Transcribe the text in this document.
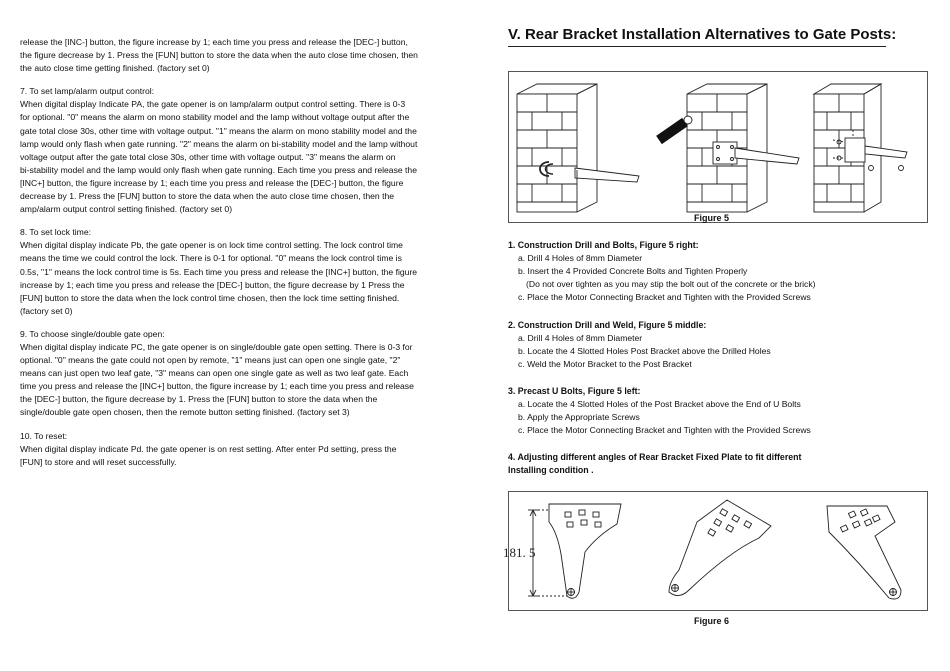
release the [INC-] button, the figure increase by 1; each time you press and release the [DEC-] button,
the figure decrease by 1. Press the [FUN] button to store the data when the auto close time chosen, then
the auto close time getting finished. (factory set 0)

7. To set lamp/alarm output control:
When digital display Indicate PA, the gate opener is on lamp/alarm output control setting. There is 0-3
for optional. "0" means the alarm on mono stability model and the lamp without voltage output after the
gate total close 30s, other time with voltage output. "1" means the alarm on mono stability model and the
lamp would only flash when gate running. "2" means the alarm on bi-stability model and the lamp without
voltage output after the gate total close 30s, other time with voltage output. "3" means the alarm on
bi-stability model and the lamp would only flash when gate running. Each time you press and release the
[INC+] button, the figure increase by 1; each time you press and release the [DEC-] button, the figure
decrease by 1. Press the [FUN] button to store the data when the auto close time chosen, then the
amp/alarm output control setting finished. (factory set 0)

8. To set lock time:
When digital display indicate Pb, the gate opener is on lock time control setting. The lock control time
means the time we could control the lock. There is 0-1 for optional. "0" means the lock control time is
0.5s, "1" means the lock control time is 5s. Each time you press and release the [INC+] button, the figure
increase by 1; each time you press and release the [DEC-] button, the figure decrease by 1 Press the
[FUN] button to store the data when the lock control time chosen, then the lock time setting finished.
(factory set 0)

9. To choose single/double gate open:
When digital display indicate PC, the gate opener is on single/double gate open setting. There is 0-3 for
optional. "0" means the gate could not open by remote, "1" means just can open one single gate, "2"
means can just open two leaf gate, "3" means can open one single gate as well as two leaf gate. Each
time you press and release the [INC+] button, the figure increase by 1; each time you press and release
the [DEC-] button, the figure decrease by 1. Press the [FUN] button to store the data when the
single/double gate open chosen, then the remote button setting finished. (factory set 3)

10. To reset:
When digital display indicate Pd. the gate opener is on rest setting. After enter Pd setting, press the
[FUN] to store and will reset successfully.

V. Rear Bracket Installation Alternatives to Gate Posts:
Figure 5

1. Construction Drill and Bolts, Figure 5 right:

a. Drill 4 Holes of 8mm Diameter

b. Insert the 4 Provided Concrete Bolts and Tighten Properly

(Do not over tighten as you may stip the bolt out of the concrete or the brick)

c. Place the Motor Connecting Bracket and Tighten with the Provided Screws

2. Construction Drill and Weld, Figure 5 middle:

a. Drill 4 Holes of 8mm Diameter

b. Locate the 4 Slotted Holes Post Bracket above the Drilled Holes

c. Weld the Motor Bracket to the Post Bracket

3. Precast U Bolts, Figure 5 left:

a. Locate the 4 Slotted Holes of the Post Bracket above the End of U Bolts

b. Apply the Appropriate Screws

c. Place the Motor Connecting Bracket and Tighten with the Provided Screws

4. Adjusting different angles of Rear Bracket Fixed Plate to fit different
Installing condition .

181. 5
Figure 6
